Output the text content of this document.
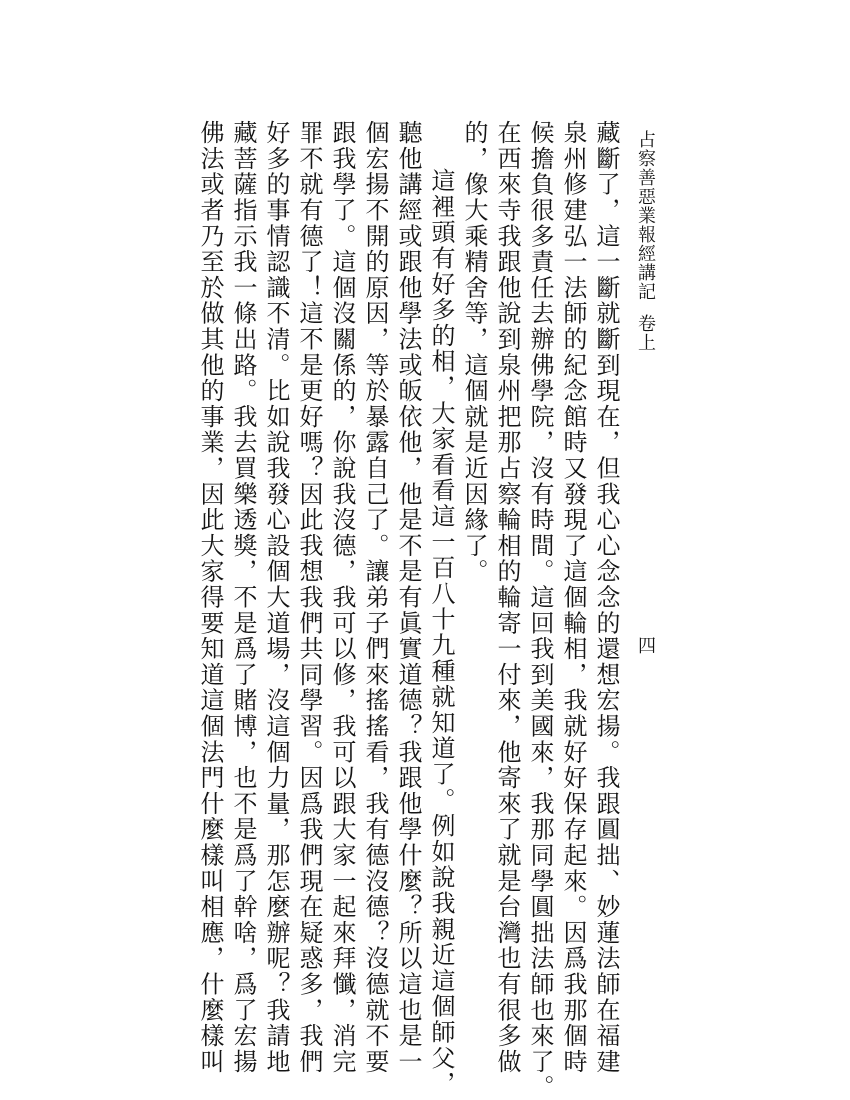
占察善惡業報經講記
卷上
四
藏斷了，這一斷就斷到現在，但我心心念念的還想宏揚。我跟圓拙、妙蓮法師在福建
泉州修建弘一法師的紀念館時又發現了這個輪相，我就好好保存起來。因爲我那個時
候擔負很多責任去辦佛學院，沒有時間。這回我到美國來，我那同學圓拙法師也來了。
在西來寺我跟他說到泉州把那占察輪相的輪寄一付來，他寄來了就是台灣也有很多做
的，像大乘精舍等，這個就是近因緣了。
這裡頭有好多的相，大家看看這一百八十九種就知道了。例如說我親近這個師父，
聽他講經或跟他學法或皈依他，他是不是有眞實道德？我跟他學什麼？所以這也是一
個宏揚不開的原因，等於暴露自己了。讓弟子們來搖搖看，我有德沒德？沒德就不要
跟我學了。這個沒關係的，你說我沒德，我可以修，我可以跟大家一起來拜懺，消完
罪不就有德了！這不是更好嗎？因此我想我們共同學習。因爲我們現在疑惑多，我們
好多的事情認識不清。比如說我發心設個大道場，沒這個力量，那怎麼辦呢？我請地
藏菩薩指示我一條出路。我去買樂透獎，不是爲了賭博，也不是爲了幹啥，爲了宏揚
佛法或者乃至於做其他的事業，因此大家得要知道這個法門什麼樣叫相應，什麼樣叫
